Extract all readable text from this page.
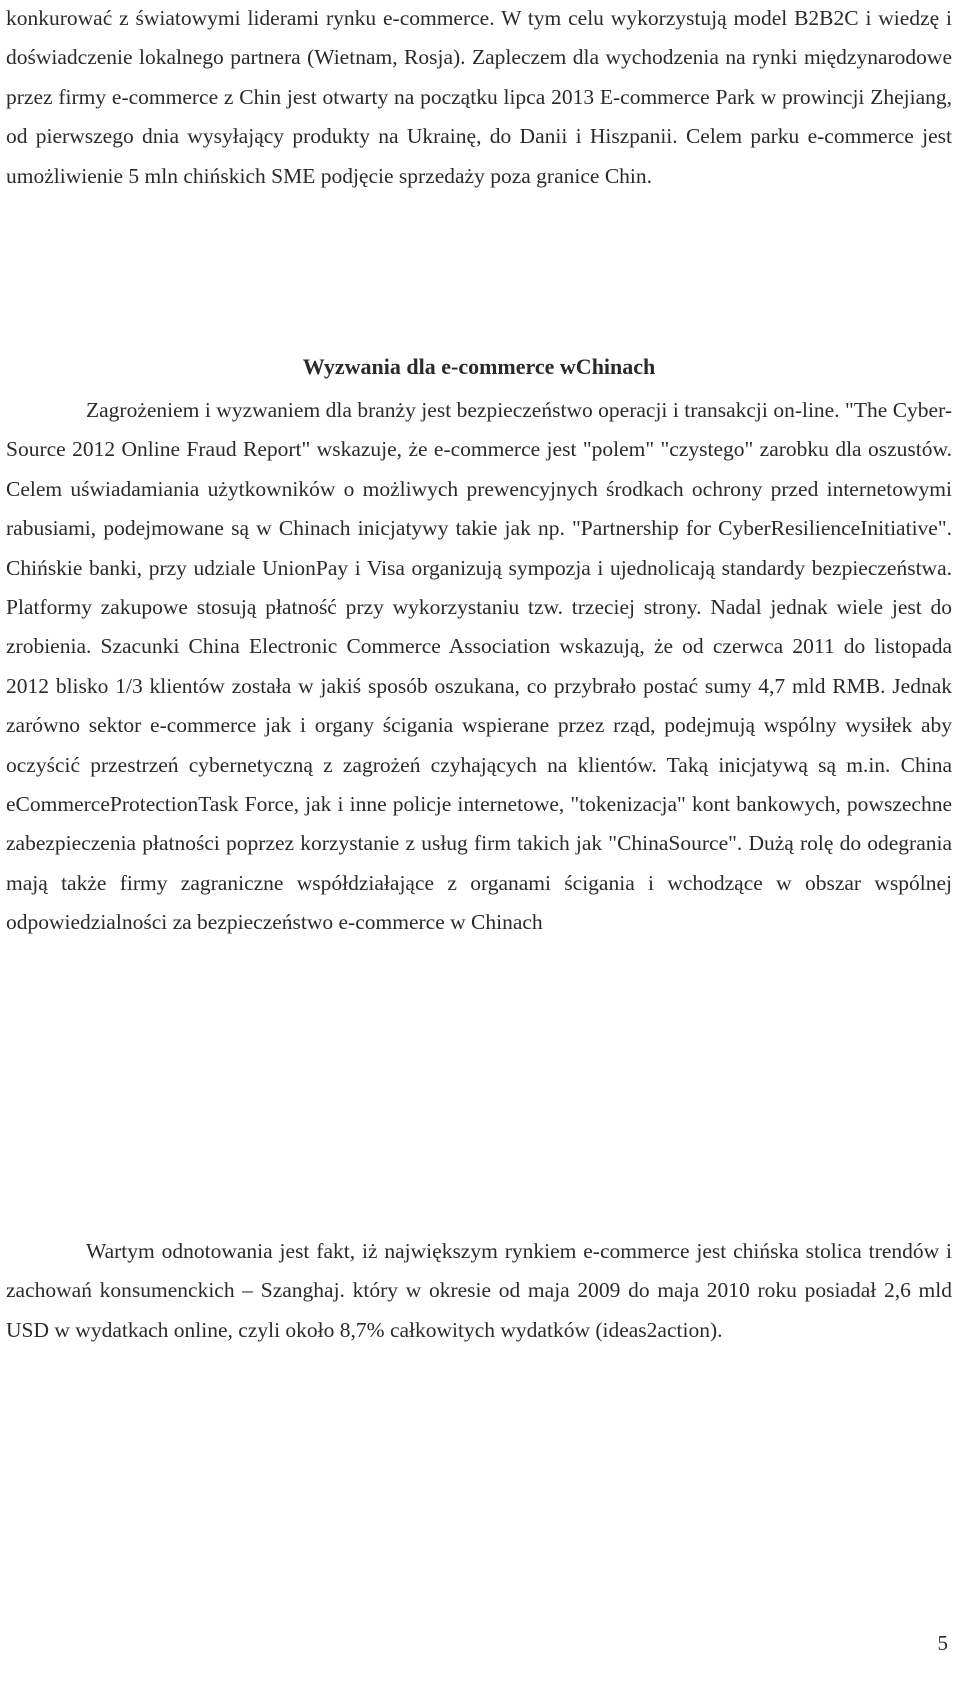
konkurować z światowymi liderami rynku e-commerce. W tym celu wykorzystują model B2B2C i wiedzę i doświadczenie lokalnego partnera (Wietnam, Rosja). Zapleczem dla wychodzenia na rynki międzynarodowe przez firmy e-commerce z Chin jest otwarty na początku lipca 2013 E-commerce Park w prowincji Zhejiang, od pierwszego dnia wysyłający produkty na Ukrainę, do Danii i Hiszpanii. Celem parku e-commerce jest umożliwienie 5 mln chińskich SME podjęcie sprzedaży poza granice Chin.

Wyzwania dla e-commerce wChinach

Zagrożeniem i wyzwaniem dla branży jest bezpieczeństwo operacji i transakcji on-line. "The Cyber-Source 2012 Online Fraud Report" wskazuje, że e-commerce jest "polem" "czystego" zarobku dla oszustów. Celem uświadamiania użytkowników o możliwych prewencyjnych środkach ochrony przed internetowymi rabusiami, podejmowane są w Chinach inicjatywy takie jak np. "Partnership for CyberResilienceInitiative". Chińskie banki, przy udziale UnionPay i Visa organizują sympozja i ujednolicają standardy bezpieczeństwa. Platformy zakupowe stosują płatność przy wykorzystaniu tzw. trzeciej strony. Nadal jednak wiele jest do zrobienia. Szacunki China Electronic Commerce Association wskazują, że od czerwca 2011 do listopada 2012 blisko 1/3 klientów została w jakiś sposób oszukana, co przybrało postać sumy 4,7 mld RMB. Jednak zarówno sektor e-commerce jak i organy ścigania wspierane przez rząd, podejmują wspólny wysiłek aby oczyścić przestrzeń cybernetyczną z zagrożeń czyhających na klientów. Taką inicjatywą są m.in. China eCommerceProtectionTask Force, jak i inne policje internetowe, "tokenizacja" kont bankowych, powszechne zabezpieczenia płatności poprzez korzystanie z usług firm takich jak "ChinaSource". Dużą rolę do odegrania mają także firmy zagraniczne współdziałające z organami ścigania i wchodzące w obszar wspólnej odpowiedzialności za bezpieczeństwo e-commerce w Chinach

Wartym odnotowania jest fakt, iż największym rynkiem e-commerce jest chińska stolica trendów i zachowań konsumenckich – Szanghaj. który w okresie od maja 2009 do maja 2010 roku posiadał 2,6 mld USD w wydatkach online, czyli około 8,7% całkowitych wydatków (ideas2action).

5
